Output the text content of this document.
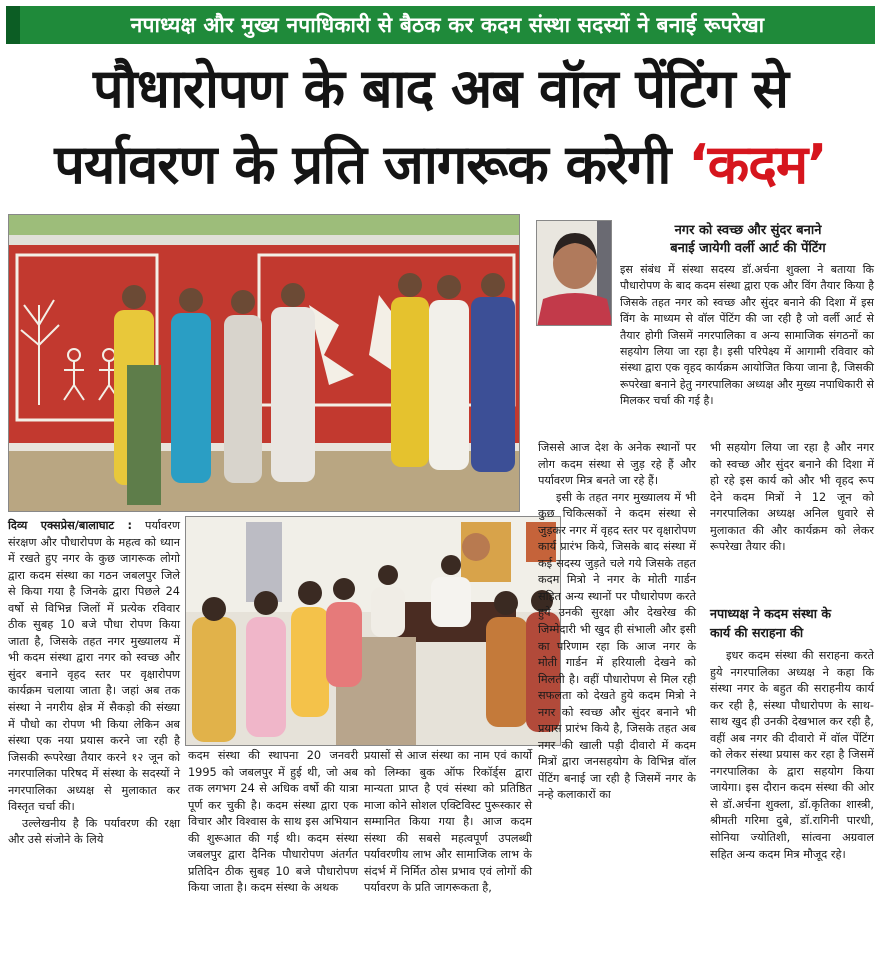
नपाध्यक्ष और मुख्य नपाधिकारी से बैठक कर कदम संस्था सदस्यों ने बनाई रूपरेखा
पौधारोपण के बाद अब वॉल पेंटिंग से
पर्यावरण के प्रति जागरूक करेगी ‘कदम’
नगर को स्वच्छ और सुंदर बनाने
बनाई जायेगी वर्ली आर्ट की पेंटिंग
इस संबंध में संस्था सदस्य डॉ.अर्चना शुक्ला ने बताया कि पौधारोपण के बाद कदम संस्था द्वारा एक और विंग तैयार किया है जिसके तहत नगर को स्वच्छ और सुंदर बनाने की दिशा में इस विंग के माध्यम से वॉल पेंटिंग की जा रही है जो वर्ली आर्ट से तैयार होगी जिसमें नगरपालिका व अन्य सामाजिक संगठनों का सहयोग लिया जा रहा है। इसी परिपेक्ष्य में आगामी रविवार को संस्था द्वारा एक वृहद कार्यक्रम आयोजित किया जाना है, जिसकी रूपरेखा बनाने हेतु नगरपालिका अध्यक्ष और मुख्य नपाधिकारी से मिलकर चर्चा की गई है।

दिव्य एक्सप्रेस/बालाघाट : पर्यावरण संरक्षण और पौधारोपण के महत्व को ध्यान में रखते हुए नगर के कुछ जागरूक लोगो द्वारा कदम संस्था का गठन जबलपुर जिले से किया गया है जिनके द्वारा पिछले 24 वर्षो से विभिन्न जिलों में प्रत्येक रविवार ठीक सुबह 10 बजे पौधा रोपण किया जाता है, जिसके तहत नगर मुख्यालय में भी कदम संस्था द्वारा नगर को स्वच्छ और सुंदर बनाने वृहद स्तर पर वृक्षारोपण कार्यक्रम चलाया जाता है। जहां अब तक संस्था ने नगरीय क्षेत्र में सैकड़ो की संख्या में पौधो का रोपण भी किया लेकिन अब संस्था एक नया प्रयास करने जा रही है जिसकी रूपरेखा तैयार करने १२ जून को नगरपालिका परिषद में संस्था के सदस्यों ने नगरपालिका अध्यक्ष से मुलाकात कर विस्तृत चर्चा की।

उल्लेखनीय है कि पर्यावरण की रक्षा और उसे संजोने के लिये

कदम संस्था की स्थापना 20 जनवरी 1995 को जबलपुर में हुई थी, जो अब तक लगभग 24 से अधिक वर्षो की यात्रा पूर्ण कर चुकी है। कदम संस्था द्वारा एक विचार और विश्वास के साथ इस अभियान की शुरूआत की गई थी। कदम संस्था जबलपुर द्वारा दैनिक पौधारोपण अंतर्गत प्रतिदिन ठीक सुबह 10 बजे पौधारोपण किया जाता है। कदम संस्था के अथक
प्रयासों से आज संस्था का नाम एवं कार्यो को लिम्का बुक ऑफ रिकॉर्ड्स द्वारा मान्यता प्राप्त है एवं संस्था को प्रतिष्ठित माजा कोने सोशल एक्टिविस्ट पुरूस्कार से सम्मानित किया गया है। आज कदम संस्था की सबसे महत्वपूर्ण उपलब्धी पर्यावरणीय लाभ और सामाजिक लाभ के संदर्भ में निर्मित ठोस प्रभाव एवं लोगों की पर्यावरण के प्रति जागरूकता है,

जिससे आज देश के अनेक स्थानों पर लोग कदम संस्था से जुड़ रहे हैं और पर्यावरण मित्र बनते जा रहे हैं।

इसी के तहत नगर मुख्यालय में भी कुछ चिकित्सकों ने कदम संस्था से जुड़कर नगर में वृहद स्तर पर वृक्षारोपण कार्य प्रारंभ किये, जिसके बाद संस्था में कई सदस्य जुड़ते चले गये जिसके तहत कदम मित्रो ने नगर के मोती गार्डन सहित अन्य स्थानों पर पौधारोपण करते हुये उनकी सुरक्षा और देखरेख की जिम्मेदारी भी खुद ही संभाली और इसी का परिणाम रहा कि आज नगर के मोती गार्डन में हरियाली देखने को मिलती है। वहीं पौधारोपण से मिल रही सफलता को देखते हुये कदम मित्रो ने नगर को स्वच्छ और सुंदर बनाने भी प्रयास प्रारंभ किये है, जिसके तहत अब नगर की खाली पड़ी दीवारो में कदम मित्रों द्वारा जनसहयोग के विभिन्न वॉल पेंटिंग बनाई जा रही है जिसमें नगर के नन्हे कलाकारों का

भी सहयोग लिया जा रहा है और नगर को स्वच्छ और सुंदर बनाने की दिशा में हो रहे इस कार्य को और भी वृहद रूप देने कदम मित्रों ने 12 जून को नगरपालिका अध्यक्ष अनिल धुवारे से मुलाकात की और कार्यक्रम को लेकर रूपरेखा तैयार की।
नपाध्यक्ष ने कदम संस्था के
कार्य की सराहना की
इधर कदम संस्था की सराहना करते हुये नगरपालिका अध्यक्ष ने कहा कि संस्था नगर के बहुत की सराहनीय कार्य कर रही है, संस्था पौधारोपण के साथ-साथ खुद ही उनकी देखभाल कर रही है, वहीं अब नगर की दीवारो में वॉल पेंटिंग को लेकर संस्था प्रयास कर रहा है जिसमें नगरपालिका के द्वारा सहयोग किया जायेगा। इस दौरान कदम संस्था की ओर से डॉ.अर्चना शुक्ला, डॉ.कृतिका शास्त्री, श्रीमती गरिमा दुबे, डॉ.रागिनी पारधी, सोनिया ज्योतिशी, सांत्वना अग्रवाल सहित अन्य कदम मित्र मौजूद रहे।
